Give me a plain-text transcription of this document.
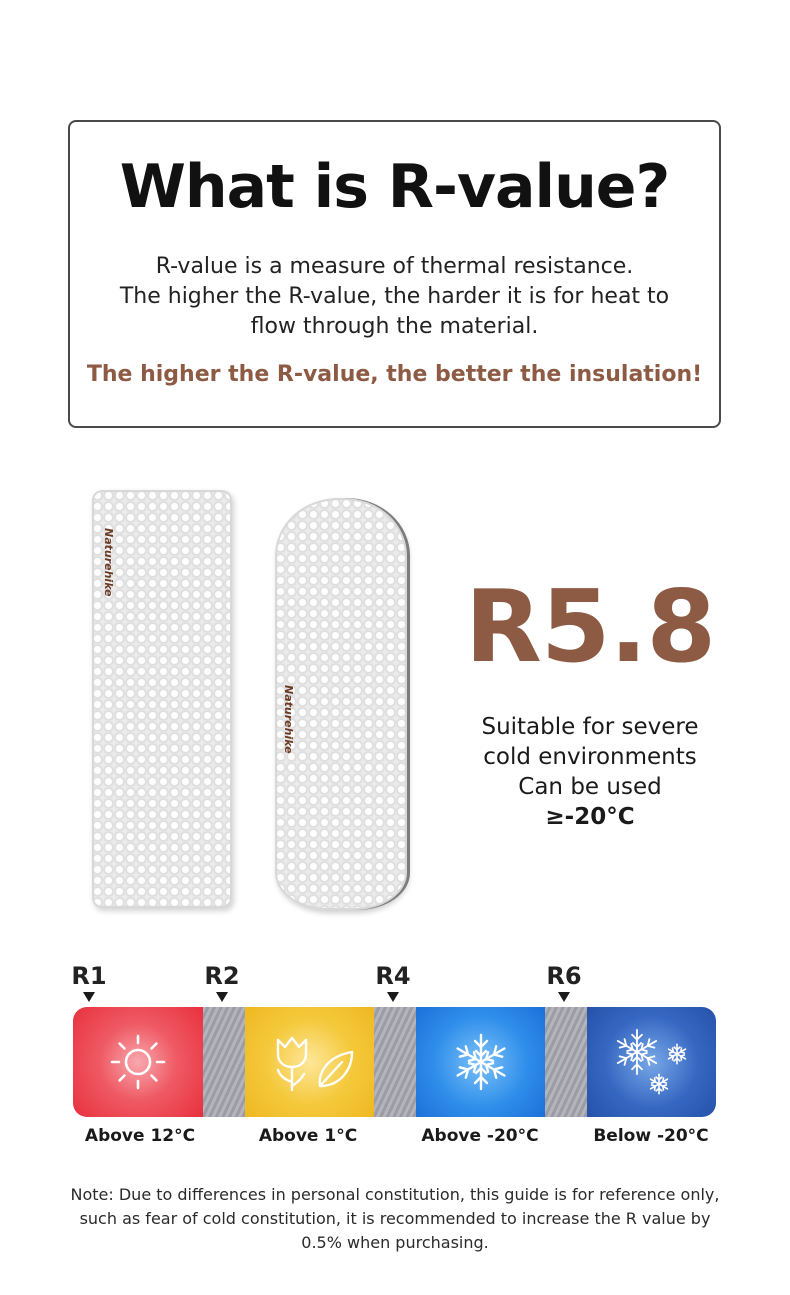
What is R-value?
R-value is a measure of thermal resistance.
The higher the R-value, the harder it is for heat to
flow through the material.
The higher the R-value, the better the insulation!
Naturehike
Naturehike
R5.8
Suitable for severe
cold environments
Can be used
≥-20°C
R1	R2	R4	R6
Above 12°C	Above 1°C	Above -20°C	Below -20°C
Note: Due to differences in personal constitution, this guide is for reference only, such as fear of cold constitution, it is recommended to increase the R value by 0.5% when purchasing.
